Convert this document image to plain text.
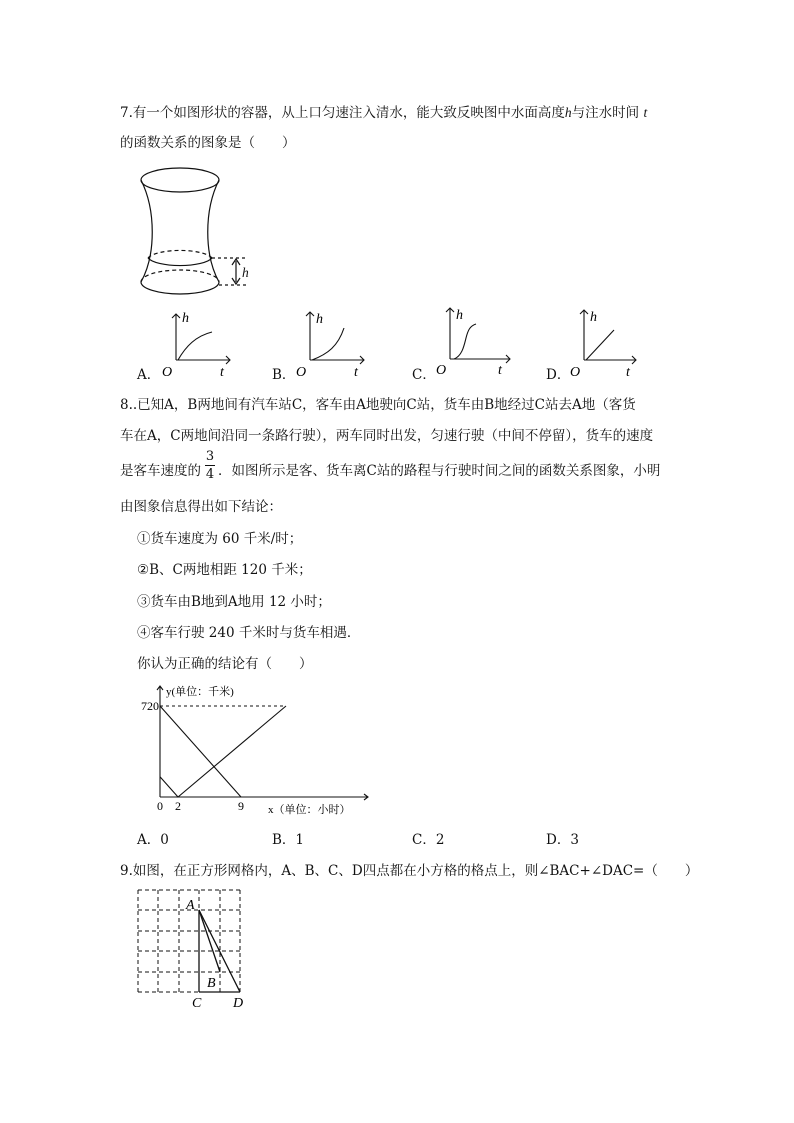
7.有一个如图形状的容器，从上口匀速注入清水，能大致反映图中水面高度h与注水时间 t
的函数关系的图象是（　　）
h
h
t
O
A．
h
t
O
B．
h
t
O
C．
h
t
O
D．
8..已知A，B两地间有汽车站C，客车由A地驶向C站，货车由B地经过C站去A地（客货
车在A，C两地间沿同一条路行驶），两车同时出发，匀速行驶（中间不停留），货车的速度
是客车速度的
3
4 ．如图所示是客、货车离C站的路程与行驶时间之间的函数关系图象，小明
由图象信息得出如下结论：
①货车速度为 60 千米/时；
②B、C两地相距 120 千米；
③货车由B地到A地用 12 小时；
④客车行驶 240 千米时与货车相遇．
你认为正确的结论有（　　）
y(单位：千米)
x（单位：小时）
720
0 2	9
A．0	B．1	C．2	D．3
9.如图，在正方形网格内，A、B、C、D四点都在小方格的格点上，则∠BAC+∠DAC=（　　）
A
B
C D
